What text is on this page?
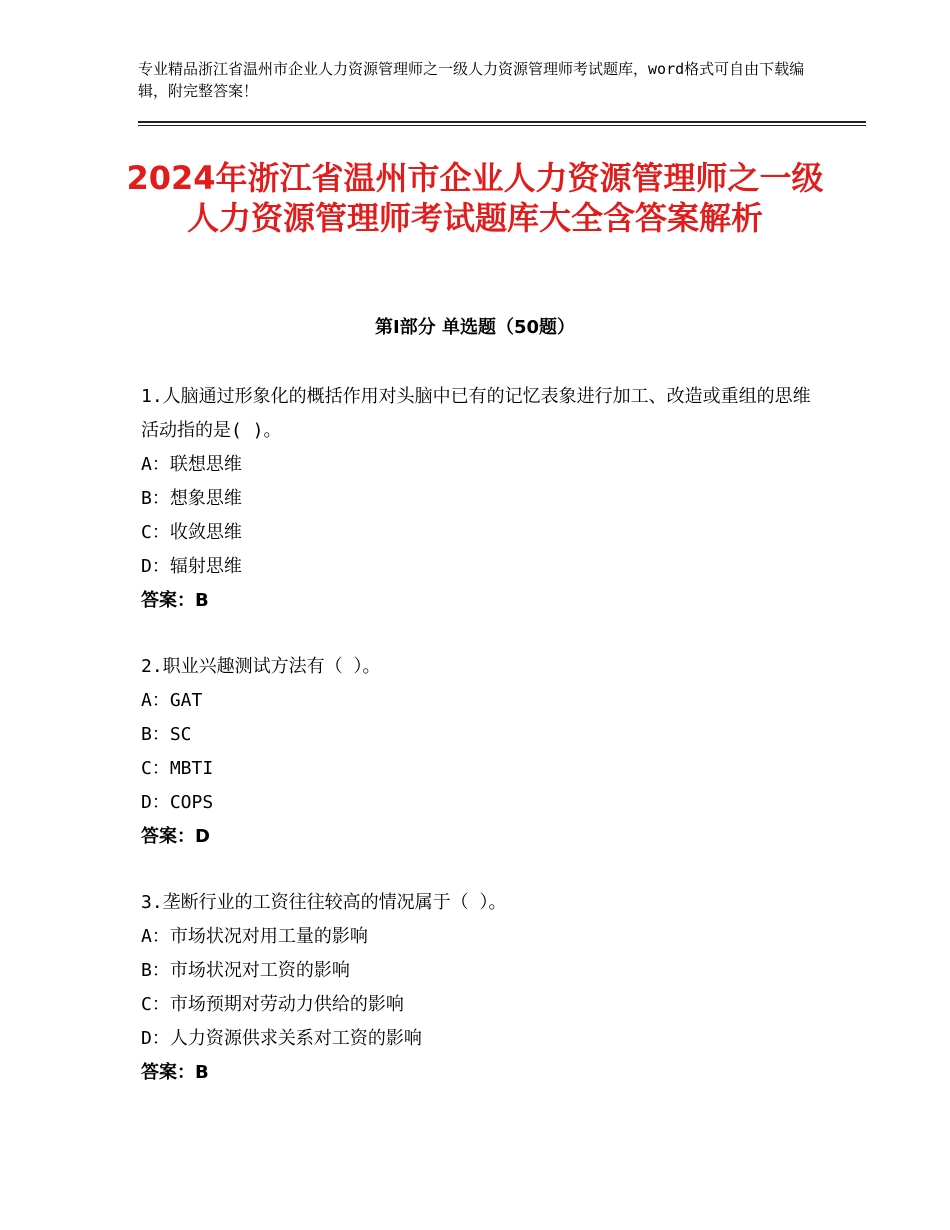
专业精品浙江省温州市企业人力资源管理师之一级人力资源管理师考试题库，word格式可自由下载编辑，附完整答案！
2024年浙江省温州市企业人力资源管理师之一级人力资源管理师考试题库大全含答案解析
第Ⅰ部分 单选题（50题）

1.人脑通过形象化的概括作用对头脑中已有的记忆表象进行加工、改造或重组的思维活动指的是( )。

A：联想思维

B：想象思维

C：收敛思维

D：辐射思维

答案：B

2.职业兴趣测试方法有（ ）。

A：GAT

B：SC

C：MBTI

D：COPS

答案：D

3.垄断行业的工资往往较高的情况属于（ ）。

A：市场状况对用工量的影响

B：市场状况对工资的影响

C：市场预期对劳动力供给的影响

D：人力资源供求关系对工资的影响

答案：B
